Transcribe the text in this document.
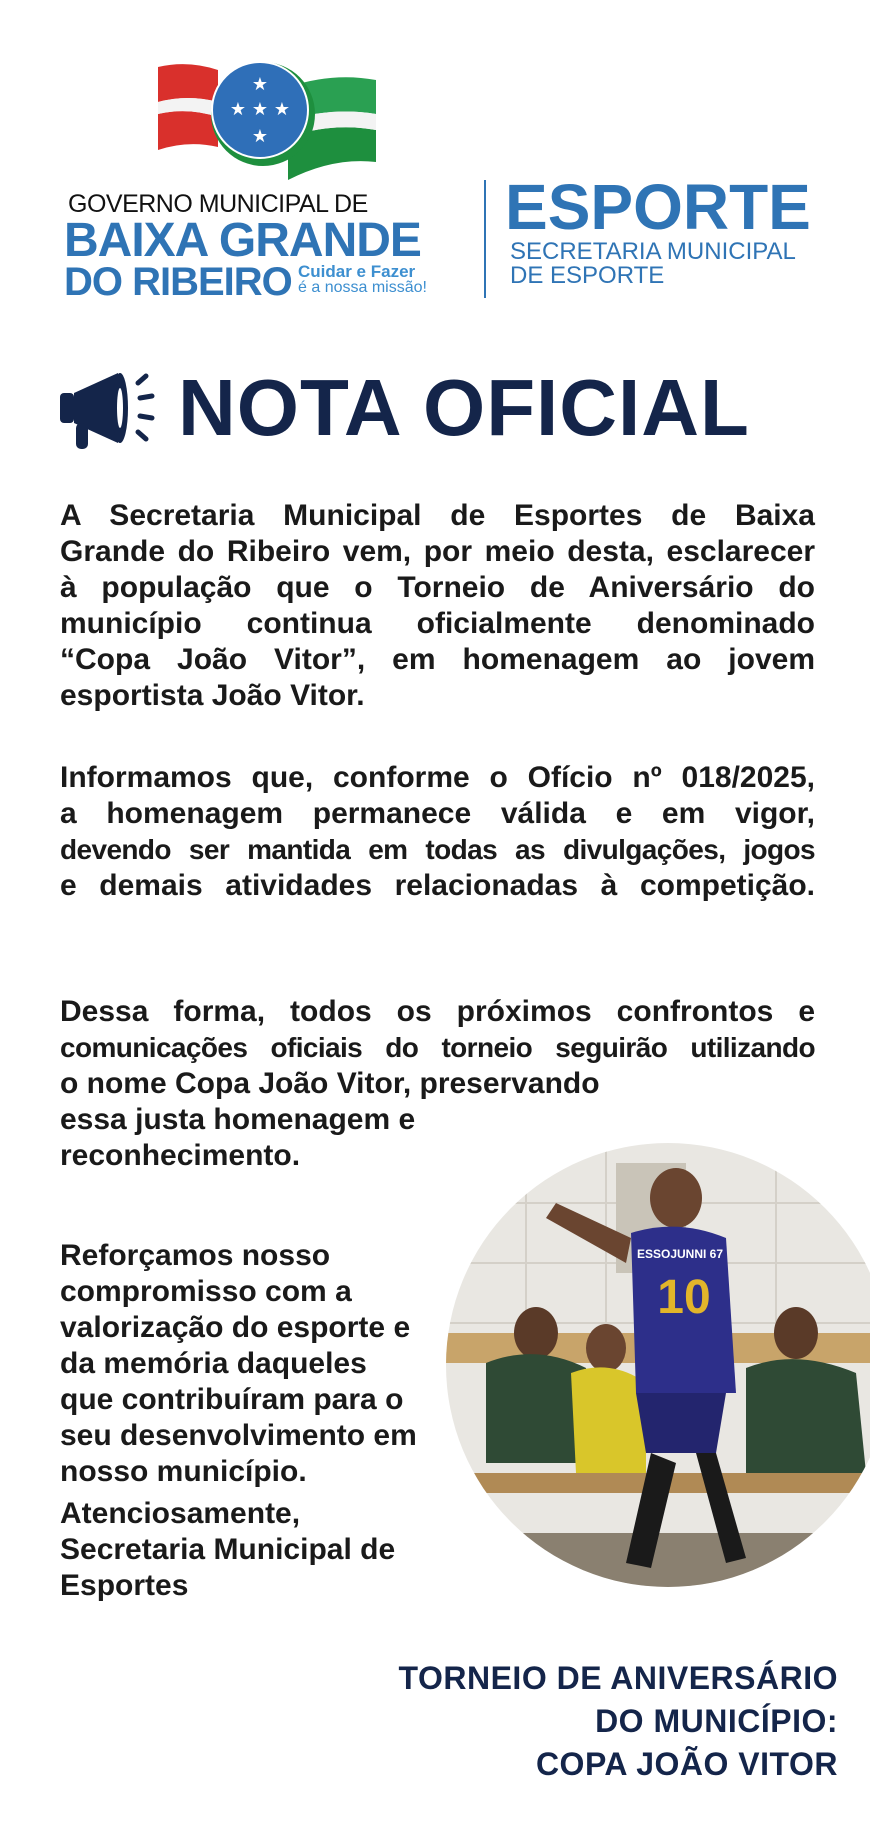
★
★ ★ ★
★
GOVERNO MUNICIPAL DE
BAIXA GRANDE
DO RIBEIRO Cuidar e Fazer
é a nossa missão!
ESPORTE
SECRETARIA MUNICIPAL
DE ESPORTE
NOTA OFICIAL
A Secretaria Municipal de Esportes de Baixa
Grande do Ribeiro vem, por meio desta, esclarecer
à população que o Torneio de Aniversário do
município continua oficialmente denominado
“Copa João Vitor”, em homenagem ao jovem
esportista João Vitor.
Informamos que, conforme o Ofício nº 018/2025,
a homenagem permanece válida e em vigor,
devendo ser mantida em todas as divulgações, jogos
e demais atividades relacionadas à competição.
Dessa forma, todos os próximos confrontos e
comunicações oficiais do torneio seguirão utilizando
o nome Copa João Vitor, preservando
essa justa homenagem e
reconhecimento.
Reforçamos nosso
compromisso com a
valorização do esporte e
da memória daqueles
que contribuíram para o
seu desenvolvimento em
nosso município.
Atenciosamente,
Secretaria Municipal de
Esportes
10
ESSOJUNNI 67
TORNEIO DE ANIVERSÁRIO
DO MUNICÍPIO:
COPA JOÃO VITOR
